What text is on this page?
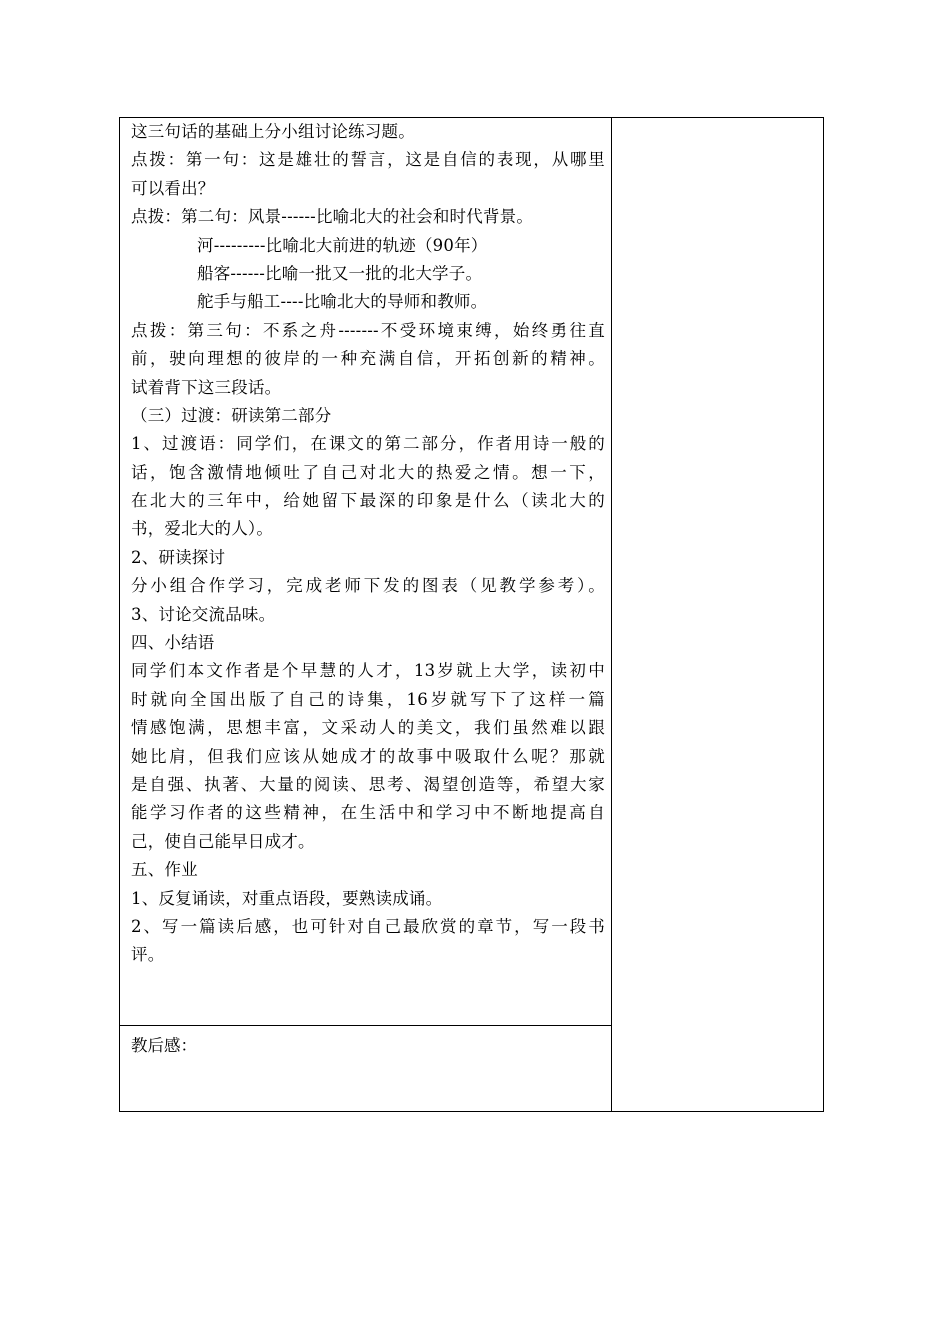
这三句话的基础上分小组讨论练习题。
点拨：第一句：这是雄壮的誓言，这是自信的表现，从哪里
可以看出？
点拨：第二句：风景------比喻北大的社会和时代背景。
河---------比喻北大前进的轨迹（90年）
船客------比喻一批又一批的北大学子。
舵手与船工----比喻北大的导师和教师。
点拨：第三句：不系之舟-------不受环境束缚，始终勇往直
前，驶向理想的彼岸的一种充满自信，开拓创新的精神。
试着背下这三段话。
（三）过渡：研读第二部分
1、过渡语：同学们，在课文的第二部分，作者用诗一般的
话，饱含激情地倾吐了自己对北大的热爱之情。想一下，
在北大的三年中，给她留下最深的印象是什么（读北大的
书，爱北大的人）。
2、研读探讨
分小组合作学习，完成老师下发的图表（见教学参考）。
3、讨论交流品味。
四、小结语
同学们本文作者是个早慧的人才，13岁就上大学，读初中
时就向全国出版了自己的诗集，16岁就写下了这样一篇
情感饱满，思想丰富，文采动人的美文，我们虽然难以跟
她比肩，但我们应该从她成才的故事中吸取什么呢？那就
是自强、执著、大量的阅读、思考、渴望创造等，希望大家
能学习作者的这些精神，在生活中和学习中不断地提高自
己，使自己能早日成才。
五、作业
1、反复诵读，对重点语段，要熟读成诵。
2、写一篇读后感，也可针对自己最欣赏的章节，写一段书
评。
教后感：
